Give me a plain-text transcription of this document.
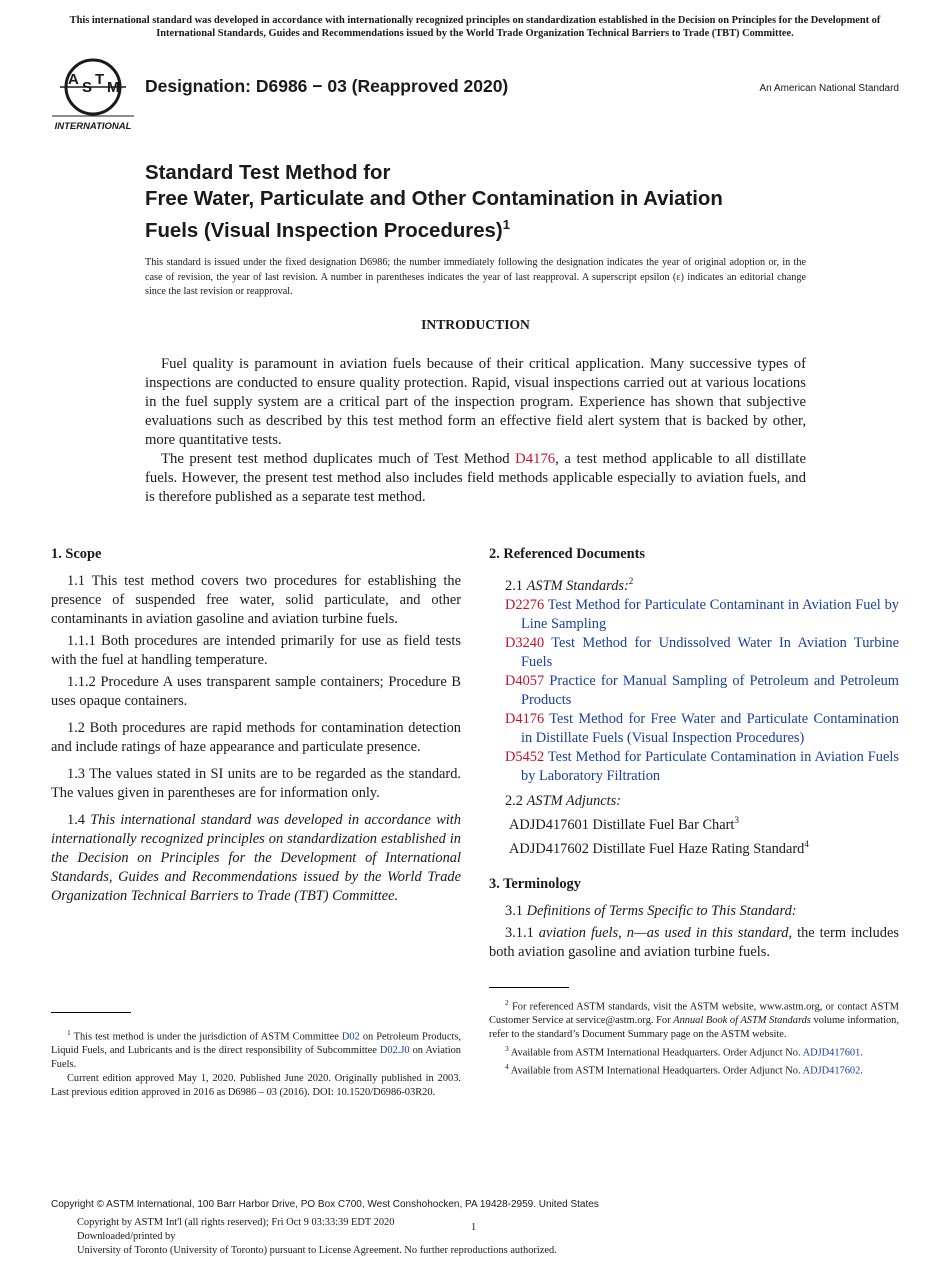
This international standard was developed in accordance with internationally recognized principles on standardization established in the Decision on Principles for the Development of International Standards, Guides and Recommendations issued by the World Trade Organization Technical Barriers to Trade (TBT) Committee.
A S T M
INTERNATIONAL
Designation: D6986 − 03 (Reapproved 2020)	An American National Standard
Standard Test Method for
Free Water, Particulate and Other Contamination in Aviation
Fuels (Visual Inspection Procedures)$^1$
This standard is issued under the fixed designation D6986; the number immediately following the designation indicates the year of original adoption or, in the case of revision, the year of last revision. A number in parentheses indicates the year of last reapproval. A superscript epsilon (ε) indicates an editorial change since the last revision or reapproval.
INTRODUCTION

Fuel quality is paramount in aviation fuels because of their critical application. Many successive types of inspections are conducted to ensure quality protection. Rapid, visual inspections carried out at various locations in the fuel supply system are a critical part of the inspection program. Experience has shown that subjective evaluations such as described by this test method form an effective field alert system that is backed by other, more quantitative tests.

The present test method duplicates much of Test Method D4176, a test method applicable to all distillate fuels. However, the present test method also includes field methods applicable especially to aviation fuels, and is therefore published as a separate test method.

1. Scope

1.1 This test method covers two procedures for establishing the presence of suspended free water, solid particulate, and other contaminants in aviation gasoline and aviation turbine fuels.

1.1.1 Both procedures are intended primarily for use as field tests with the fuel at handling temperature.

1.1.2 Procedure A uses transparent sample containers; Procedure B uses opaque containers.

1.2 Both procedures are rapid methods for contamination detection and include ratings of haze appearance and particulate presence.

1.3 The values stated in SI units are to be regarded as the standard. The values given in parentheses are for information only.

1.4 This international standard was developed in accordance with internationally recognized principles on standardization established in the Decision on Principles for the Development of International Standards, Guides and Recommendations issued by the World Trade Organization Technical Barriers to Trade (TBT) Committee.

2. Referenced Documents

2.1 ASTM Standards:$^2$

D2276 Test Method for Particulate Contaminant in Aviation Fuel by Line Sampling

D3240 Test Method for Undissolved Water In Aviation Turbine Fuels

D4057 Practice for Manual Sampling of Petroleum and Petroleum Products

D4176 Test Method for Free Water and Particulate Contamination in Distillate Fuels (Visual Inspection Procedures)

D5452 Test Method for Particulate Contamination in Aviation Fuels by Laboratory Filtration

2.2 ASTM Adjuncts:

ADJD417601 Distillate Fuel Bar Chart$^3$

ADJD417602 Distillate Fuel Haze Rating Standard$^4$

3. Terminology

3.1 Definitions of Terms Specific to This Standard:

3.1.1 aviation fuels, n—as used in this standard, the term includes both aviation gasoline and aviation turbine fuels.

$^1$ This test method is under the jurisdiction of ASTM Committee D02 on Petroleum Products, Liquid Fuels, and Lubricants and is the direct responsibility of Subcommittee D02.J0 on Aviation Fuels.

Current edition approved May 1, 2020. Published June 2020. Originally published in 2003. Last previous edition approved in 2016 as D6986 – 03 (2016). DOI: 10.1520/D6986-03R20.

$^2$ For referenced ASTM standards, visit the ASTM website, www.astm.org, or contact ASTM Customer Service at service@astm.org. For Annual Book of ASTM Standards volume information, refer to the standard’s Document Summary page on the ASTM website.

$^3$ Available from ASTM International Headquarters. Order Adjunct No. ADJD417601.

$^4$ Available from ASTM International Headquarters. Order Adjunct No. ADJD417602.

Copyright © ASTM International, 100 Barr Harbor Drive, PO Box C700, West Conshohocken, PA 19428-2959. United States
Copyright by ASTM Int'l (all rights reserved); Fri Oct 9 03:33:39 EDT 2020
Downloaded/printed by
University of Toronto (University of Toronto) pursuant to License Agreement. No further reproductions authorized.
1
